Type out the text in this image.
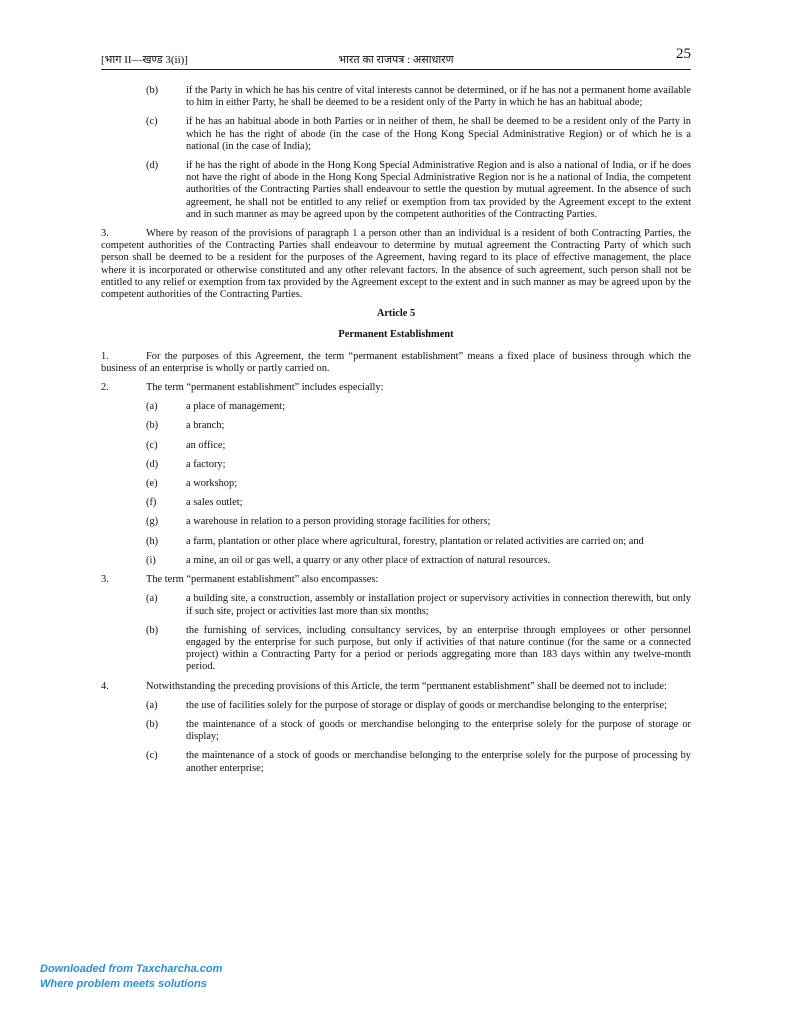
[भाग II—खण्ड 3(ii)]	भारत का राजपत्र : असाधारण	25
(b)	if the Party in which he has his centre of vital interests cannot be determined, or if he has not a permanent home available to him in either Party, he shall be deemed to be a resident only of the Party in which he has an habitual abode;
(c)	if he has an habitual abode in both Parties or in neither of them, he shall be deemed to be a resident only of the Party in which he has the right of abode (in the case of the Hong Kong Special Administrative Region) or of which he is a national (in the case of India);
(d)	if he has the right of abode in the Hong Kong Special Administrative Region and is also a national of India, or if he does not have the right of abode in the Hong Kong Special Administrative Region nor is he a national of India, the competent authorities of the Contracting Parties shall endeavour to settle the question by mutual agreement. In the absence of such agreement, he shall not be entitled to any relief or exemption from tax provided by the Agreement except to the extent and in such manner as may be agreed upon by the competent authorities of the Contracting Parties.
3.	Where by reason of the provisions of paragraph 1 a person other than an individual is a resident of both Contracting Parties, the competent authorities of the Contracting Parties shall endeavour to determine by mutual agreement the Contracting Party of which such person shall be deemed to be a resident for the purposes of the Agreement, having regard to its place of effective management, the place where it is incorporated or otherwise constituted and any other relevant factors. In the absence of such agreement, such person shall not be entitled to any relief or exemption from tax provided by the Agreement except to the extent and in such manner as may be agreed upon by the competent authorities of the Contracting Parties.
Article 5
Permanent Establishment
1.	For the purposes of this Agreement, the term “permanent establishment” means a fixed place of business through which the business of an enterprise is wholly or partly carried on.
2.	The term “permanent establishment” includes especially:
(a)	a place of management;
(b)	a branch;
(c)	an office;
(d)	a factory;
(e)	a workshop;
(f)	a sales outlet;
(g)	a warehouse in relation to a person providing storage facilities for others;
(h)	a farm, plantation or other place where agricultural, forestry, plantation or related activities are carried on; and
(i)	a mine, an oil or gas well, a quarry or any other place of extraction of natural resources.
3.	The term “permanent establishment” also encompasses:
(a)	a building site, a construction, assembly or installation project or supervisory activities in connection therewith, but only if such site, project or activities last more than six months;
(b)	the furnishing of services, including consultancy services, by an enterprise through employees or other personnel engaged by the enterprise for such purpose, but only if activities of that nature continue (for the same or a connected project) within a Contracting Party for a period or periods aggregating more than 183 days within any twelve-month period.
4.	Notwithstanding the preceding provisions of this Article, the term “permanent establishment” shall be deemed not to include:
(a)	the use of facilities solely for the purpose of storage or display of goods or merchandise belonging to the enterprise;
(b)	the maintenance of a stock of goods or merchandise belonging to the enterprise solely for the purpose of storage or display;
(c)	the maintenance of a stock of goods or merchandise belonging to the enterprise solely for the purpose of processing by another enterprise;
Downloaded from Taxcharcha.com
Where problem meets solutions
